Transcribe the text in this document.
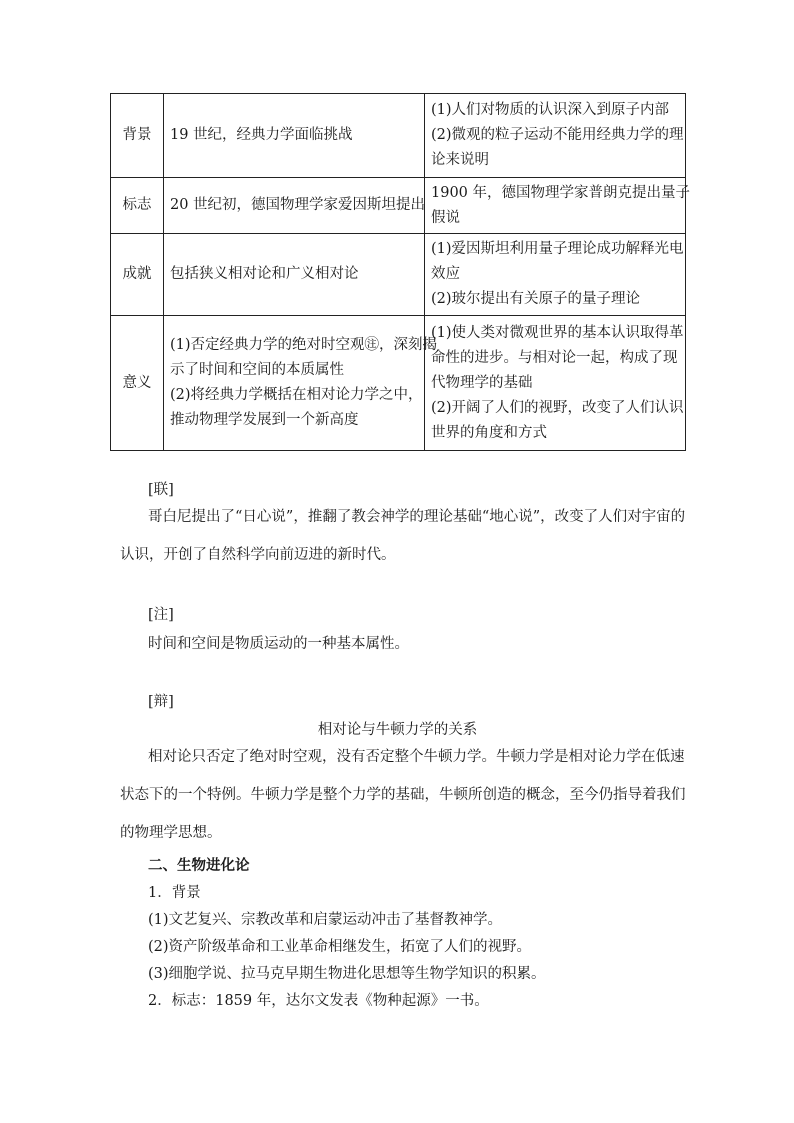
背景	19 世纪，经典力学面临挑战	(1)人们对物质的认识深入到原子内部
(2)微观的粒子运动不能用经典力学的理
论来说明

标志	20 世纪初，德国物理学家爱因斯坦提出	1900 年，德国物理学家普朗克提出量子
假说

成就	包括狭义相对论和广义相对论	(1)爱因斯坦利用量子理论成功解释光电
效应
(2)玻尔提出有关原子的量子理论

意义	(1)否定经典力学的绝对时空观㊟，深刻揭
示了时间和空间的本质属性
(2)将经典力学概括在相对论力学之中，
推动物理学发展到一个新高度	(1)使人类对微观世界的基本认识取得革
命性的进步。与相对论一起，构成了现
代物理学的基础
(2)开阔了人们的视野，改变了人们认识
世界的角度和方式
[联]
哥白尼提出了“日心说”，推翻了教会神学的理论基础“地心说”，改变了人们对宇宙的认识，开创了自然科学向前迈进的新时代。
[注]
时间和空间是物质运动的一种基本属性。
[辩]
相对论与牛顿力学的关系
相对论只否定了绝对时空观，没有否定整个牛顿力学。牛顿力学是相对论力学在低速状态下的一个特例。牛顿力学是整个力学的基础，牛顿所创造的概念，至今仍指导着我们的物理学思想。
二、生物进化论
1．背景
(1)文艺复兴、宗教改革和启蒙运动冲击了基督教神学。
(2)资产阶级革命和工业革命相继发生，拓宽了人们的视野。
(3)细胞学说、拉马克早期生物进化思想等生物学知识的积累。
2．标志：1859 年，达尔文发表《物种起源》一书。
